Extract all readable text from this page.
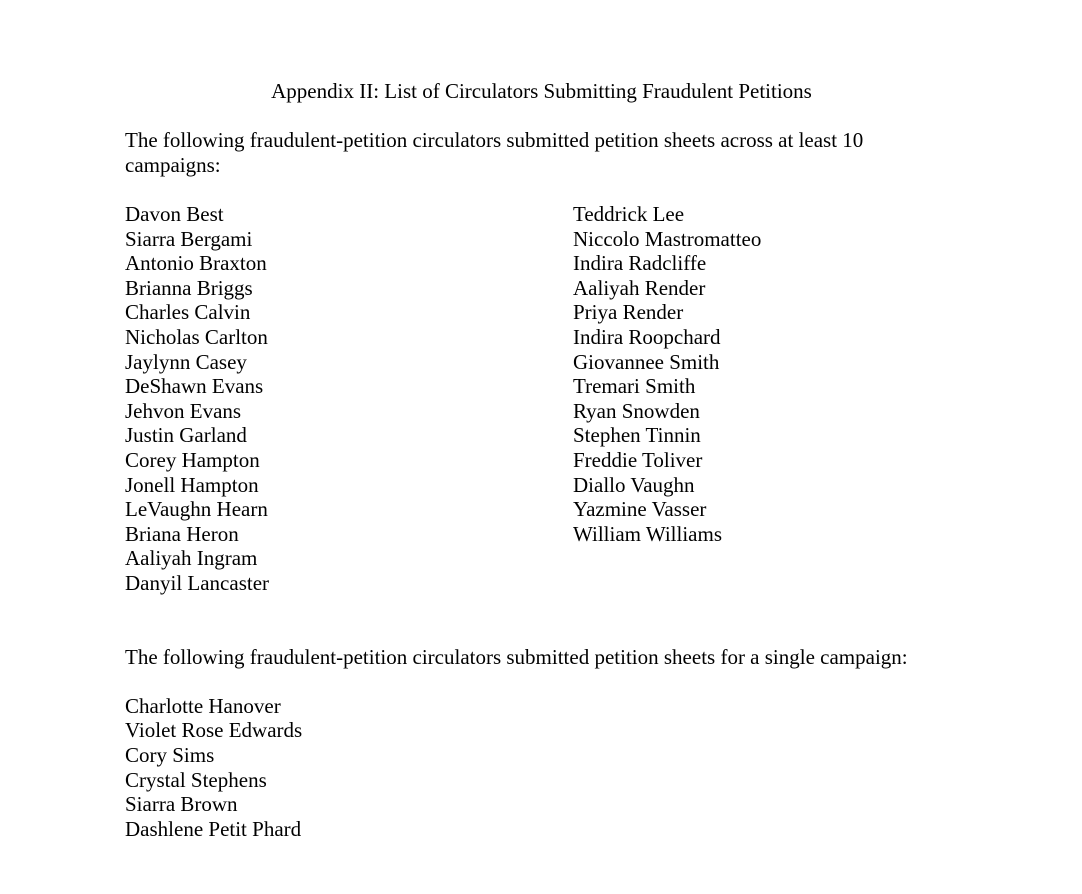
Appendix II: List of Circulators Submitting Fraudulent Petitions

The following fraudulent-petition circulators submitted petition sheets across at least 10 campaigns:

Davon Best
Siarra Bergami
Antonio Braxton
Brianna Briggs
Charles Calvin
Nicholas Carlton
Jaylynn Casey
DeShawn Evans
Jehvon Evans
Justin Garland
Corey Hampton
Jonell Hampton
LeVaughn Hearn
Briana Heron
Aaliyah Ingram
Danyil Lancaster
Teddrick Lee
Niccolo Mastromatteo
Indira Radcliffe
Aaliyah Render
Priya Render
Indira Roopchard
Giovannee Smith
Tremari Smith
Ryan Snowden
Stephen Tinnin
Freddie Toliver
Diallo Vaughn
Yazmine Vasser
William Williams

The following fraudulent-petition circulators submitted petition sheets for a single campaign:

Charlotte Hanover
Violet Rose Edwards
Cory Sims
Crystal Stephens
Siarra Brown
Dashlene Petit Phard
